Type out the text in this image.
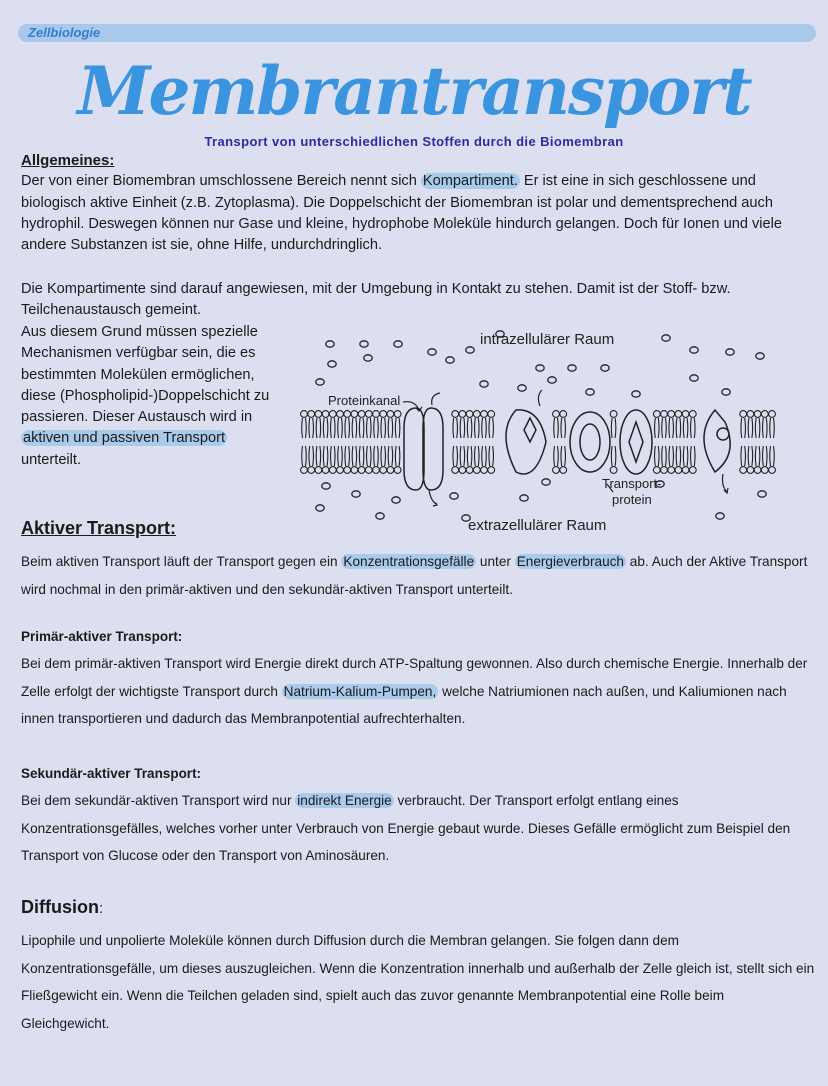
Zellbiologie
Membrantransport
Transport von unterschiedlichen Stoffen durch die Biomembran
Allgemeines:
Der von einer Biomembran umschlossene Bereich nennt sich Kompartiment. Er ist eine in sich geschlossene und biologisch aktive Einheit (z.B. Zytoplasma). Die Doppelschicht der Biomembran ist polar und dementsprechend auch hydrophil. Deswegen können nur Gase und kleine, hydrophobe Moleküle hindurch gelangen. Doch für Ionen und viele andere Substanzen ist sie, ohne Hilfe, undurchdringlich.
Die Kompartimente sind darauf angewiesen, mit der Umgebung in Kontakt zu stehen. Damit ist der Stoff- bzw. Teilchenaustausch gemeint.
Aus diesem Grund müssen spezielle Mechanismen verfügbar sein, die es bestimmten Molekülen ermöglichen, diese (Phospholipid-)Doppelschicht zu passieren. Dieser Austausch wird in aktiven und passiven Transport unterteilt.
intrazellulärer Raum
extrazellulärer Raum
Proteinkanal
Transport-
protein
Aktiver Transport:
Beim aktiven Transport läuft der Transport gegen ein Konzentrationsgefälle unter Energieverbrauch ab. Auch der Aktive Transport wird nochmal in den primär-aktiven und den sekundär-aktiven Transport unterteilt.
Primär-aktiver Transport:
Bei dem primär-aktiven Transport wird Energie direkt durch ATP-Spaltung gewonnen. Also durch chemische Energie. Innerhalb der Zelle erfolgt der wichtigste Transport durch Natrium-Kalium-Pumpen, welche Natriumionen nach außen, und Kaliumionen nach innen transportieren und dadurch das Membranpotential aufrechterhalten.
Sekundär-aktiver Transport:
Bei dem sekundär-aktiven Transport wird nur indirekt Energie verbraucht. Der Transport erfolgt entlang eines Konzentrationsgefälles, welches vorher unter Verbrauch von Energie gebaut wurde. Dieses Gefälle ermöglicht zum Beispiel den Transport von Glucose oder den Transport von Aminosäuren.
Diffusion:
Lipophile und unpolierte Moleküle können durch Diffusion durch die Membran gelangen. Sie folgen dann dem Konzentrationsgefälle, um dieses auszugleichen. Wenn die Konzentration innerhalb und außerhalb der Zelle gleich ist, stellt sich ein Fließgewicht ein. Wenn die Teilchen geladen sind, spielt auch das zuvor genannte Membranpotential eine Rolle beim Gleichgewicht.
